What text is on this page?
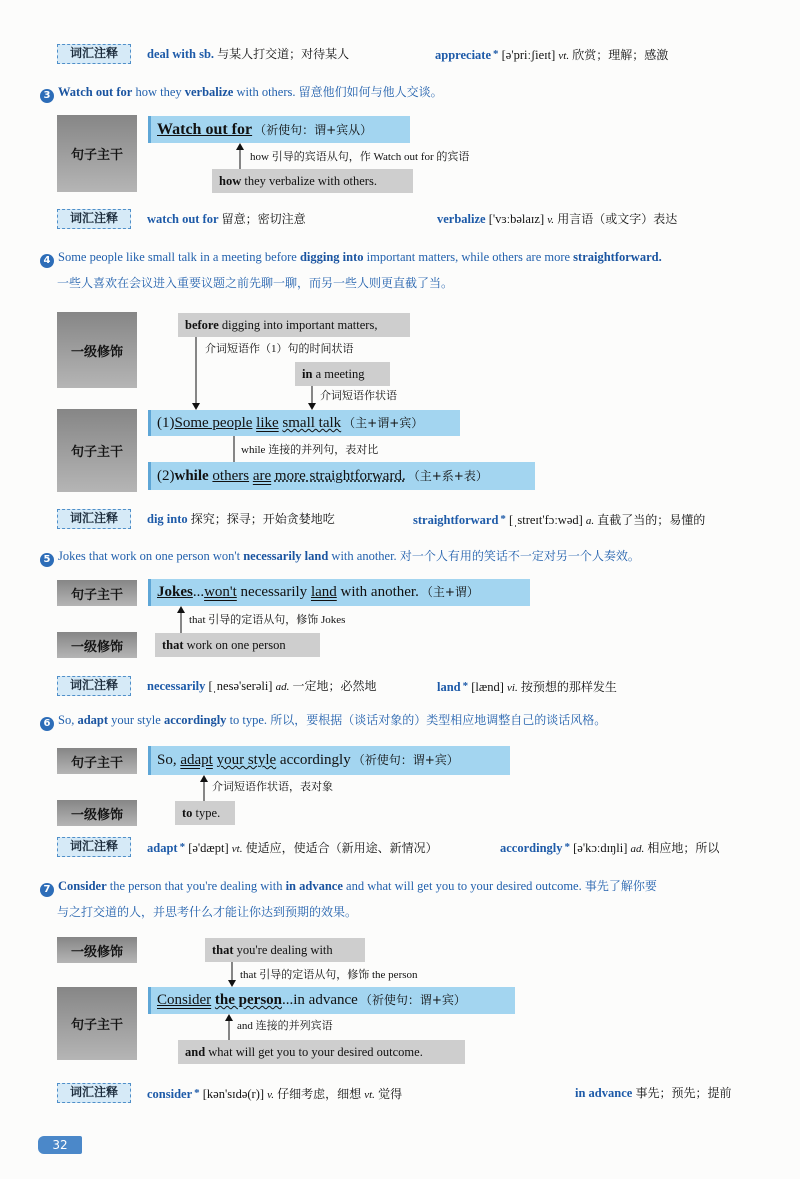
词汇注释	deal with sb. 与某人打交道；对待某人	appreciate * [ə'priːʃieɪt] vt. 欣赏；理解；感激
3 Watch out for how they verbalize with others. 留意他们如何与他人交谈。
句子主干
Watch out for （祈使句：谓+宾从）
how 引导的宾语从句，作 Watch out for 的宾语
how they verbalize with others.
词汇注释	watch out for 留意；密切注意	verbalize ['vɜːbəlaɪz] v. 用言语（或文字）表达
4 Some people like small talk in a meeting before digging into important matters, while others are more straightforward.
一些人喜欢在会议进入重要议题之前先聊一聊，而另一些人则更直截了当。
一级修饰
before digging into important matters,
介词短语作（1）句的时间状语
in a meeting
介词短语作状语
句子主干
(1)Some people like small talk （主+谓+宾）
while 连接的并列句，表对比
(2)while others are more straightforward. （主+系+表）
词汇注释	dig into 探究；探寻；开始贪婪地吃	straightforward * [ˌstreɪt'fɔːwəd] a. 直截了当的；易懂的
5 Jokes that work on one person won't necessarily land with another. 对一个人有用的笑话不一定对另一个人奏效。
句子主干	Jokes...won't necessarily land with another. （主+谓）
that 引导的定语从句，修饰 Jokes
一级修饰	that work on one person
词汇注释	necessarily [ˌnesə'serəli] ad. 一定地；必然地	land * [lænd] vi. 按预想的那样发生
6 So, adapt your style accordingly to type. 所以，要根据（谈话对象的）类型相应地调整自己的谈话风格。
句子主干	So, adapt your style accordingly （祈使句：谓+宾）
介词短语作状语，表对象
一级修饰	to type.
词汇注释	adapt * [ə'dæpt] vt. 使适应，使适合（新用途、新情况）	accordingly * [ə'kɔːdɪŋli] ad. 相应地；所以
7 Consider the person that you're dealing with in advance and what will get you to your desired outcome. 事先了解你要
与之打交道的人，并思考什么才能让你达到预期的效果。
一级修饰	that you're dealing with
that 引导的定语从句，修饰 the person
句子主干
Consider the person...in advance （祈使句：谓+宾）
and 连接的并列宾语
and what will get you to your desired outcome.
词汇注释	consider * [kən'sɪdə(r)] v. 仔细考虑，细想 vt. 觉得	in advance 事先；预先；提前
32
